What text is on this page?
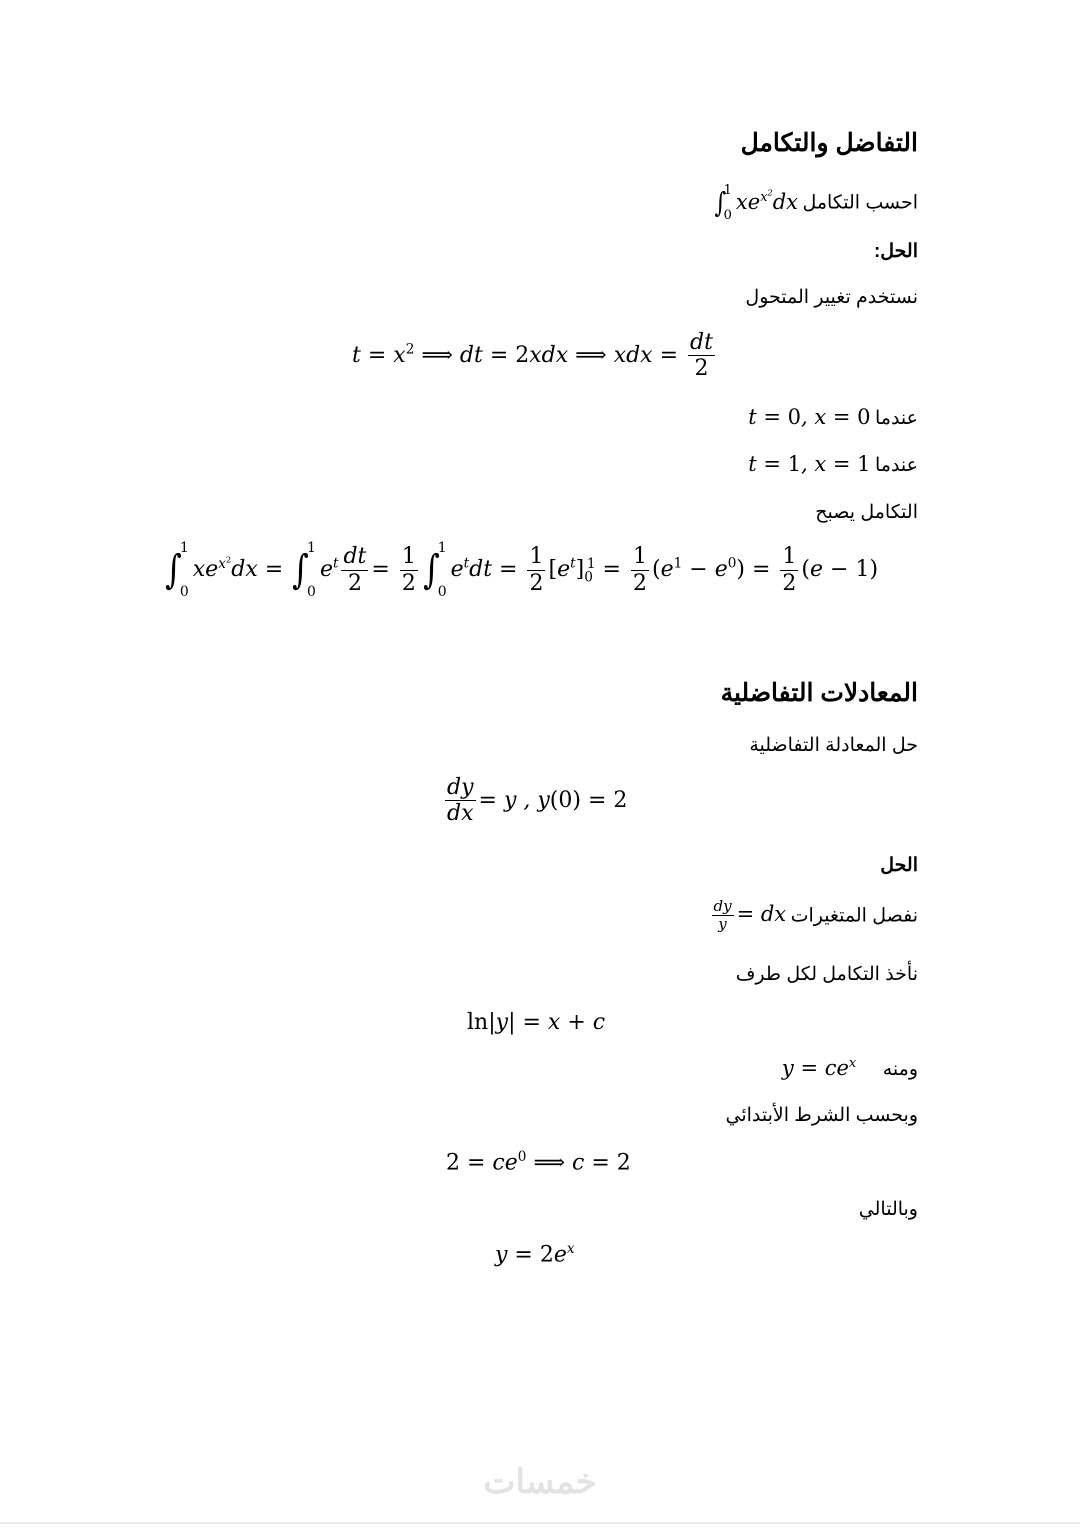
التفاضل والتكامل
احسب التكامل ∫
1
0
$xe^{x^2}dx$
الحل:
نستخدم تغيير المتحول
$t = x^2$ ⟹ dt = 2xdx ⟹ xdx = $\frac{dt}{2}$
عندما t = 0, x = 0
عندما t = 1, x = 1
التكامل يصبح
∫
1
0
$xe^{x^2}dx$ = ∫
1
0
$e^t \frac{dt}{2} = \frac{1}{2}$ ∫
1
0
$e^tdt = \frac{1}{2} [e^t]_0^1 = \frac{1}{2} (e^1 - e^0) = \frac{1}{2} (e - 1)$
المعادلات التفاضلية
حل المعادلة التفاضلية
$\frac{dy}{dx} = y$ , y(0) = 2
الحل
نفصل المتغيرات
$\frac{dy}{y}$ = dx
نأخذ التكامل لكل طرف
ln|y| = x + c
ومنه $y = ce^x$
وبحسب الشرط الأبتدائي
$2 = ce^0$ ⟹ c = 2
وبالتالي
$y = 2e^x$
خمسات
